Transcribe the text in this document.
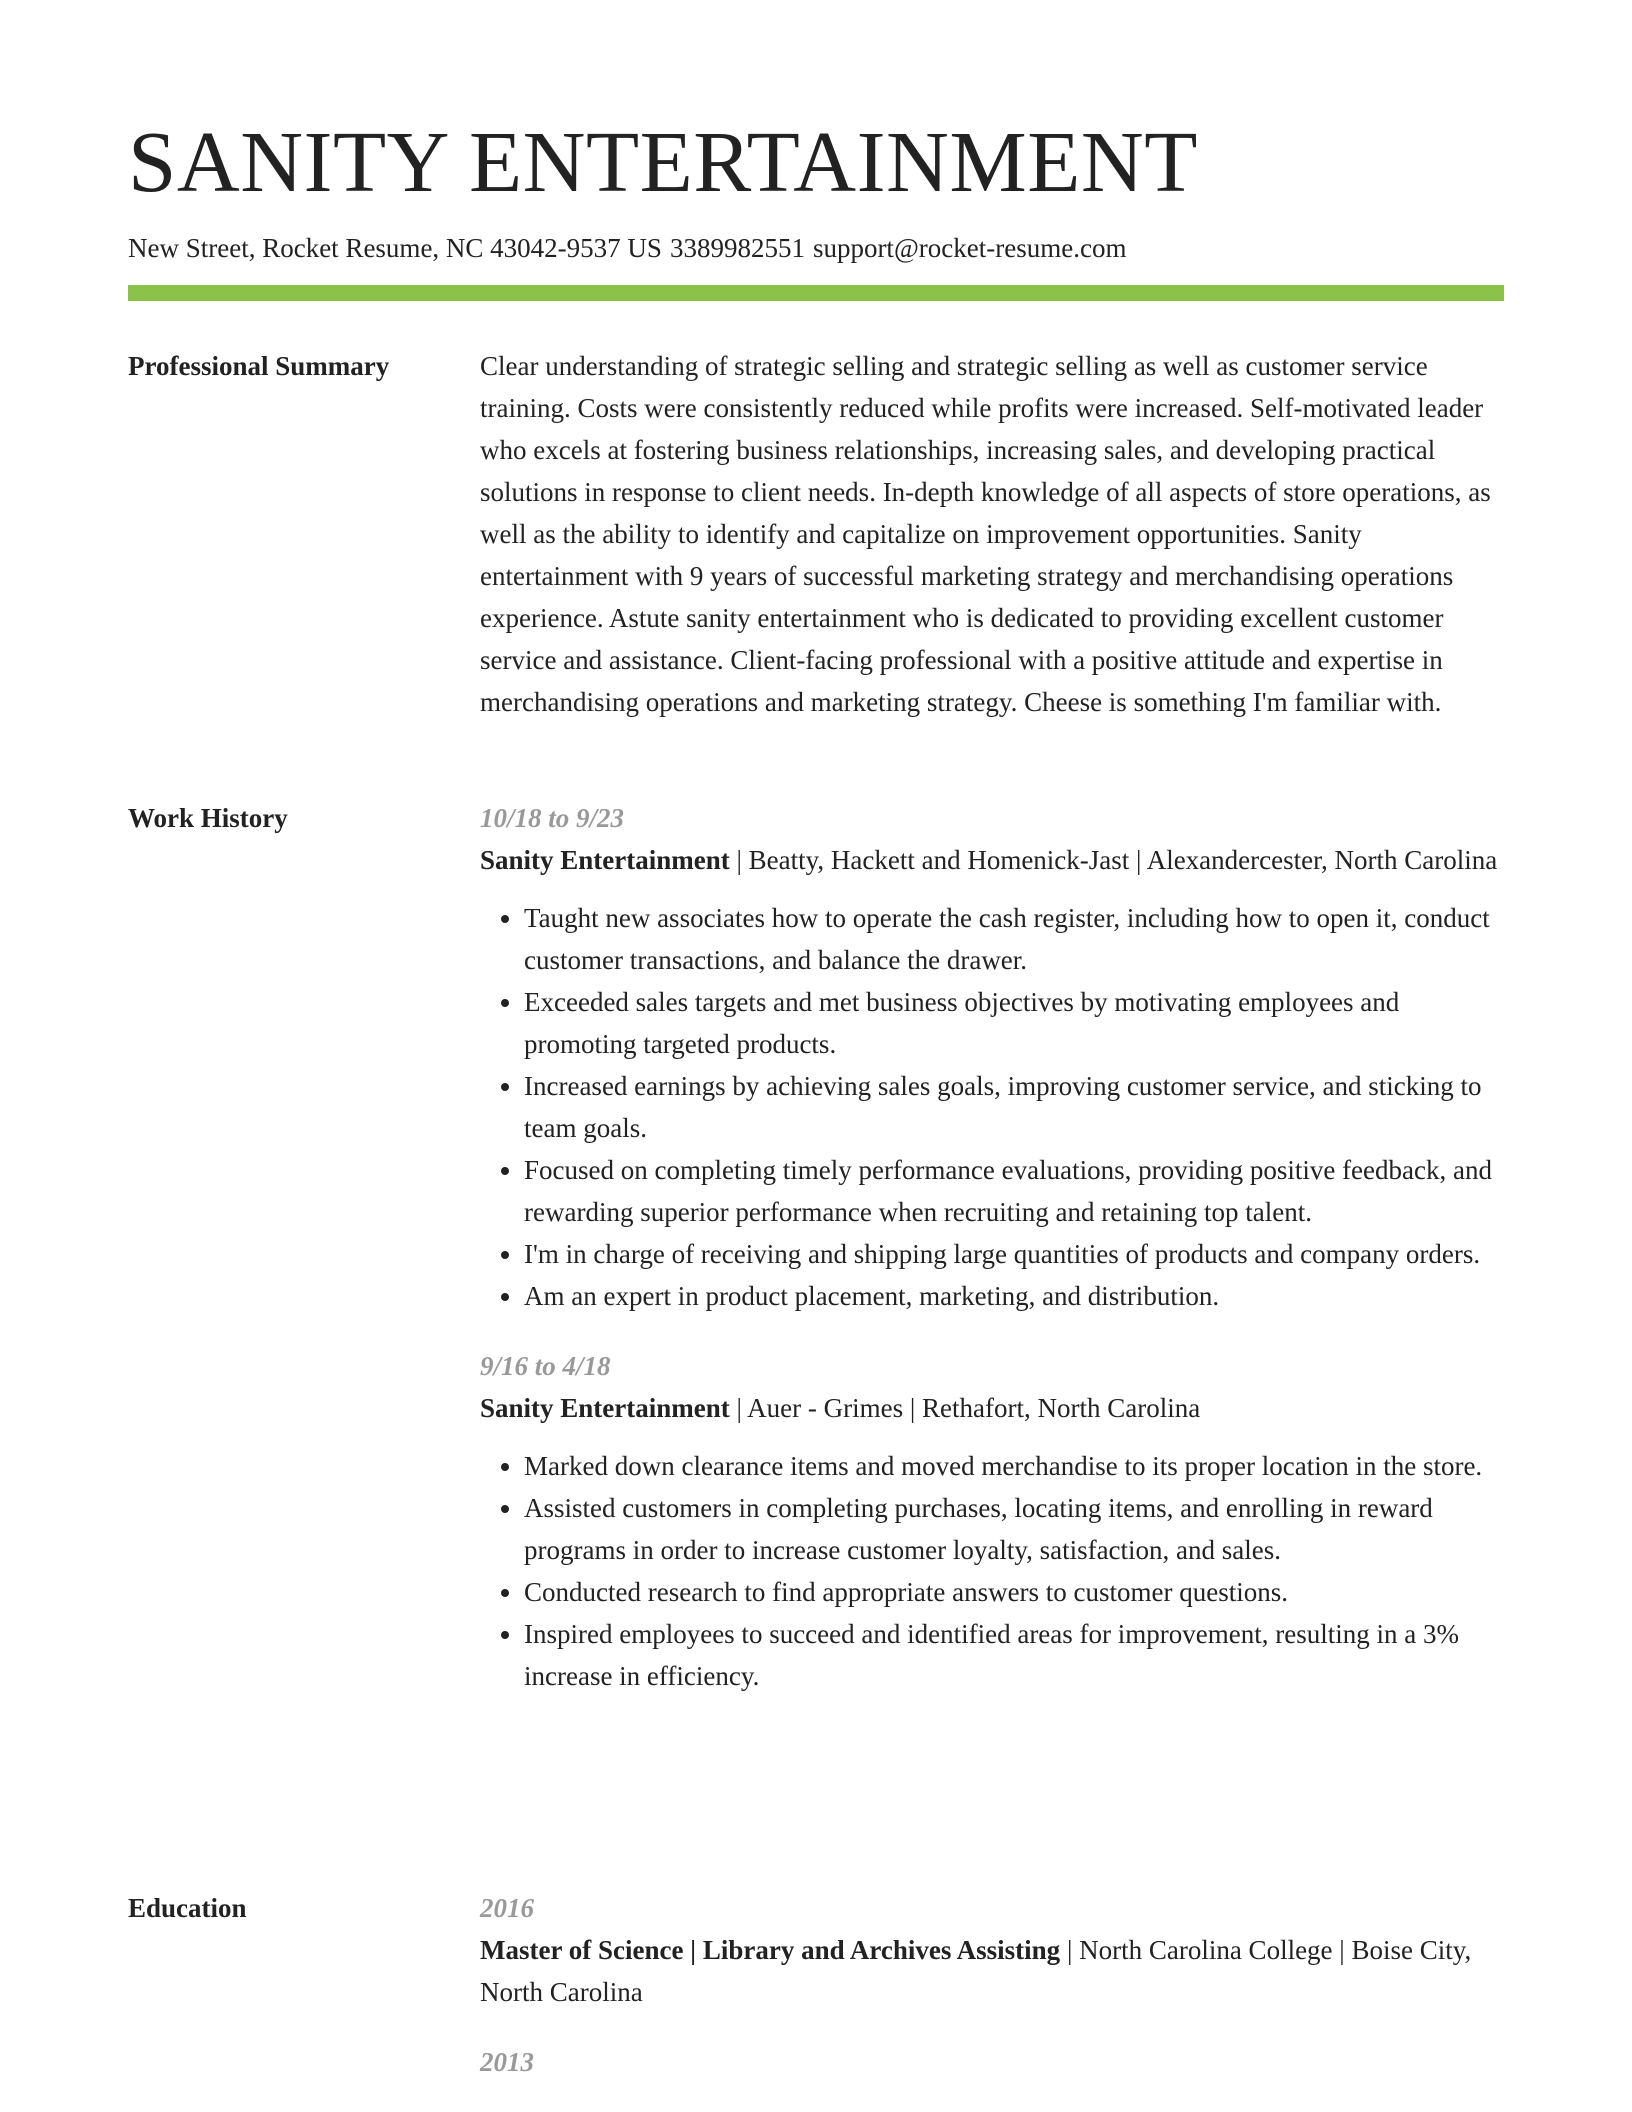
SANITY ENTERTAINMENT
New Street, Rocket Resume, NC 43042-9537 US 3389982551 support@rocket-resume.com
Professional Summary	Clear understanding of strategic selling and strategic selling as well as customer service training. Costs were consistently reduced while profits were increased. Self-motivated leader who excels at fostering business relationships, increasing sales, and developing practical solutions in response to client needs. In-depth knowledge of all aspects of store operations, as well as the ability to identify and capitalize on improvement opportunities. Sanity entertainment with 9 years of successful marketing strategy and merchandising operations experience. Astute sanity entertainment who is dedicated to providing excellent customer service and assistance. Client-facing professional with a positive attitude and expertise in merchandising operations and marketing strategy. Cheese is something I'm familiar with.

Work History	10/18 to 9/23

Sanity Entertainment | Beatty, Hackett and Homenick-Jast | Alexandercester, North Carolina

• Taught new associates how to operate the cash register, including how to open it, conduct customer transactions, and balance the drawer.
• Exceeded sales targets and met business objectives by motivating employees and promoting targeted products.
• Increased earnings by achieving sales goals, improving customer service, and sticking to team goals.
• Focused on completing timely performance evaluations, providing positive feedback, and rewarding superior performance when recruiting and retaining top talent.
• I'm in charge of receiving and shipping large quantities of products and company orders.
• Am an expert in product placement, marketing, and distribution.
9/16 to 4/18

Sanity Entertainment | Auer - Grimes | Rethafort, North Carolina

• Marked down clearance items and moved merchandise to its proper location in the store.
• Assisted customers in completing purchases, locating items, and enrolling in reward programs in order to increase customer loyalty, satisfaction, and sales.
• Conducted research to find appropriate answers to customer questions.
• Inspired employees to succeed and identified areas for improvement, resulting in a 3% increase in efficiency.
Education	2016

Master of Science | Library and Archives Assisting | North Carolina College | Boise City, North Carolina

2013
